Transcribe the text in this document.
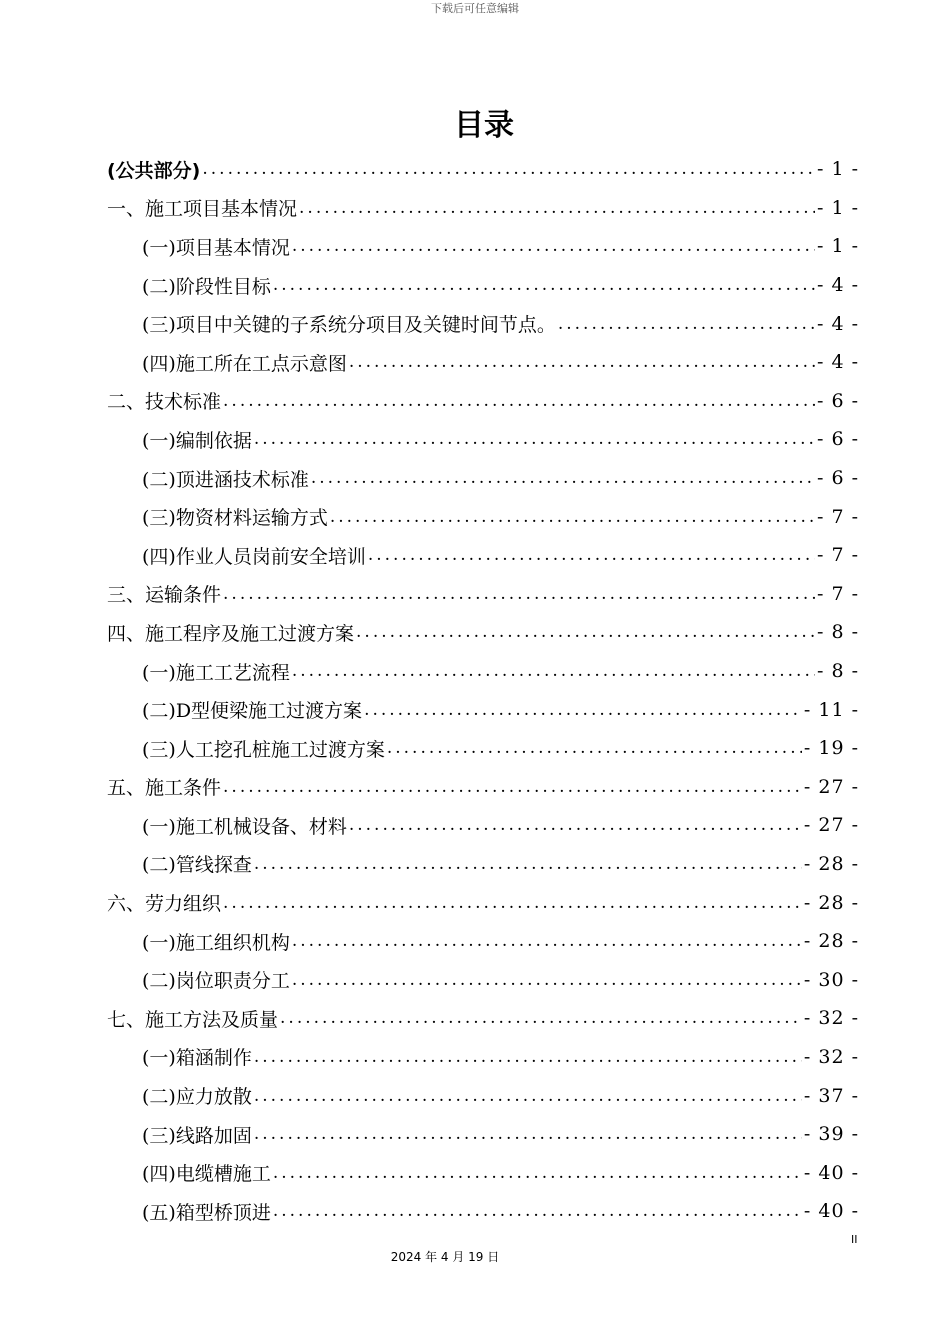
下载后可任意编辑
目录
(公共部分) .....	- 1 -
一、施工项目基本情况 .....	- 1 -
(一)项目基本情况 .....	- 1 -
(二)阶段性目标 .....	- 4 -
(三)项目中关键的子系统分项目及关键时间节点。 .....	- 4 -
(四)施工所在工点示意图 .....	- 4 -
二、技术标准 .....	- 6 -
(一)编制依据 .....	- 6 -
(二)顶进涵技术标准 .....	- 6 -
(三)物资材料运输方式 .....	- 7 -
(四)作业人员岗前安全培训 .....	- 7 -
三、运输条件 .....	- 7 -
四、施工程序及施工过渡方案 .....	- 8 -
(一)施工工艺流程 .....	- 8 -
(二)D型便梁施工过渡方案 .....	- 11 -
(三)人工挖孔桩施工过渡方案 .....	- 19 -
五、施工条件 .....	- 27 -
(一)施工机械设备、材料 .....	- 27 -
(二)管线探查 .....	- 28 -
六、劳力组织 .....	- 28 -
(一)施工组织机构 .....	- 28 -
(二)岗位职责分工 .....	- 30 -
七、施工方法及质量 .....	- 32 -
(一)箱涵制作 .....	- 32 -
(二)应力放散 .....	- 37 -
(三)线路加固 .....	- 39 -
(四)电缆槽施工 .....	- 40 -
(五)箱型桥顶进 .....	- 40 -
II
2024 年 4 月 19 日
